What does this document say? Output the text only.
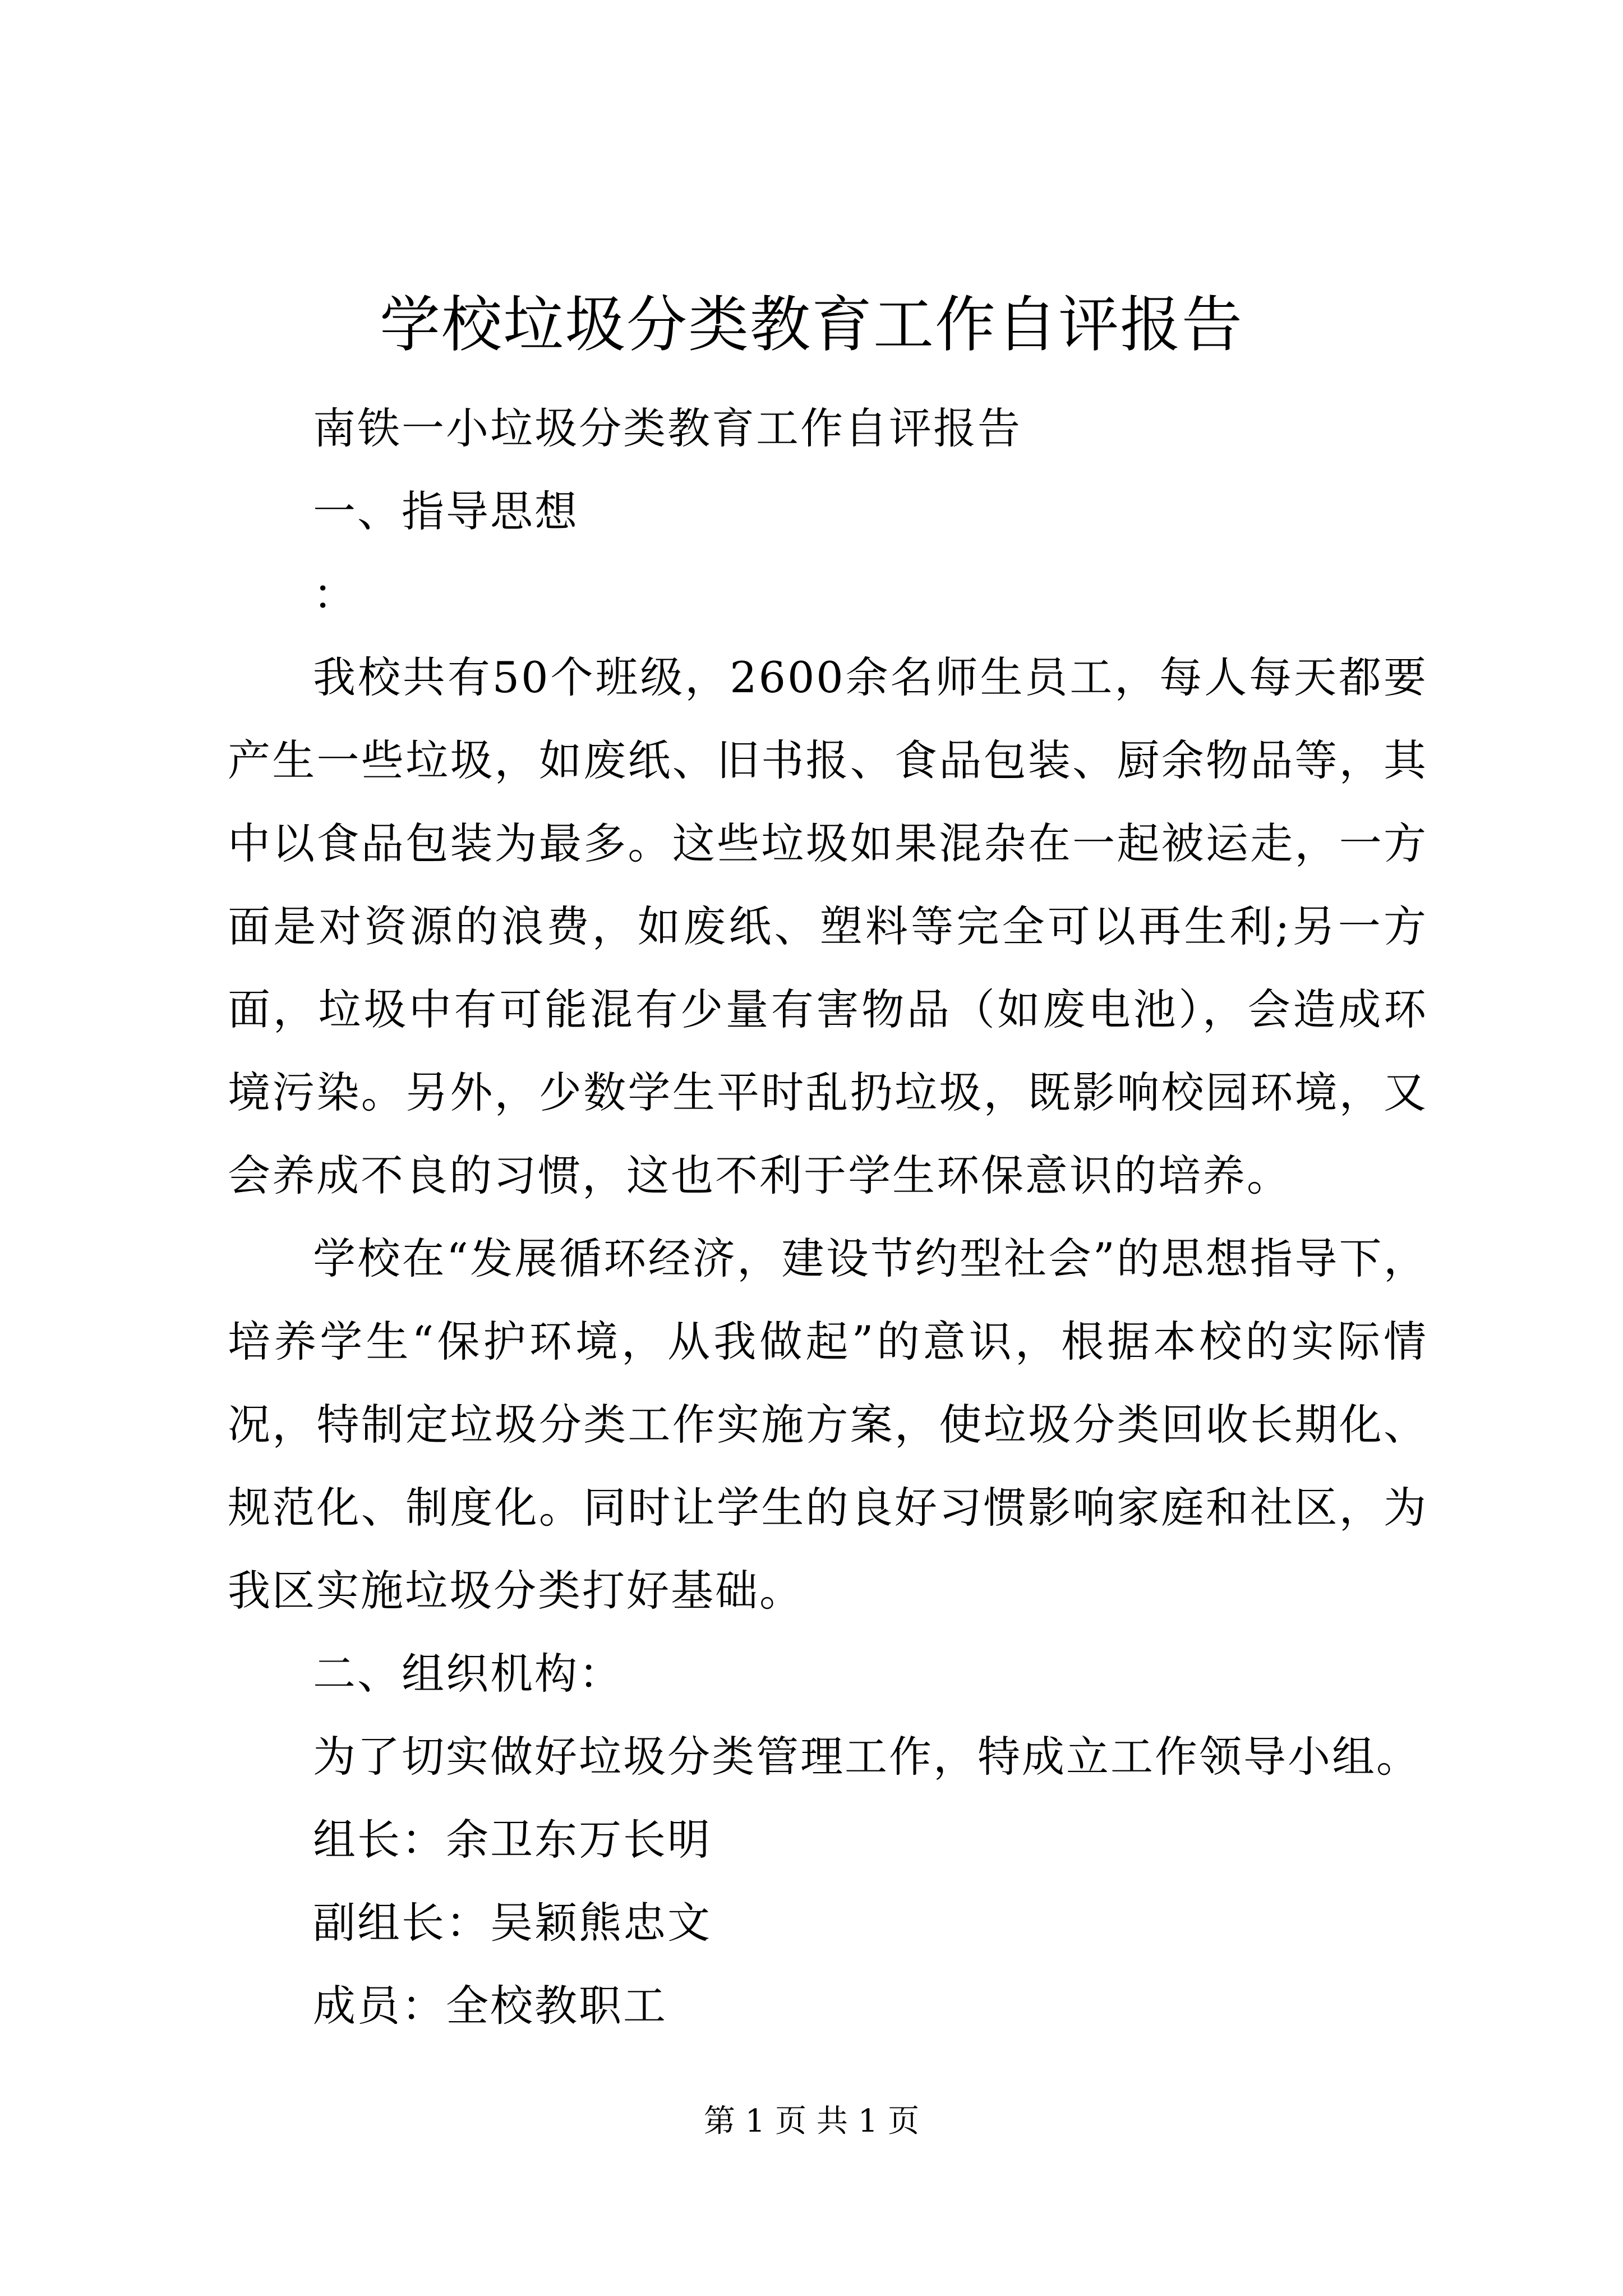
学校垃圾分类教育工作自评报告

南铁一小垃圾分类教育工作自评报告

一、指导思想

：

我校共有50个班级，2600余名师生员工，每人每天都要产生一些垃圾，如废纸、旧书报、食品包装、厨余物品等，其中以食品包装为最多。这些垃圾如果混杂在一起被运走，一方面是对资源的浪费，如废纸、塑料等完全可以再生利;另一方面，垃圾中有可能混有少量有害物品（如废电池），会造成环境污染。另外，少数学生平时乱扔垃圾，既影响校园环境，又会养成不良的习惯，这也不利于学生环保意识的培养。

学校在“发展循环经济，建设节约型社会”的思想指导下，培养学生“保护环境，从我做起”的意识，根据本校的实际情况，特制定垃圾分类工作实施方案，使垃圾分类回收长期化、规范化、制度化。同时让学生的良好习惯影响家庭和社区，为我区实施垃圾分类打好基础。

二、组织机构：

为了切实做好垃圾分类管理工作，特成立工作领导小组。

组长：余卫东万长明

副组长：吴颖熊忠文

成员：全校教职工

第 1 页 共 1 页
